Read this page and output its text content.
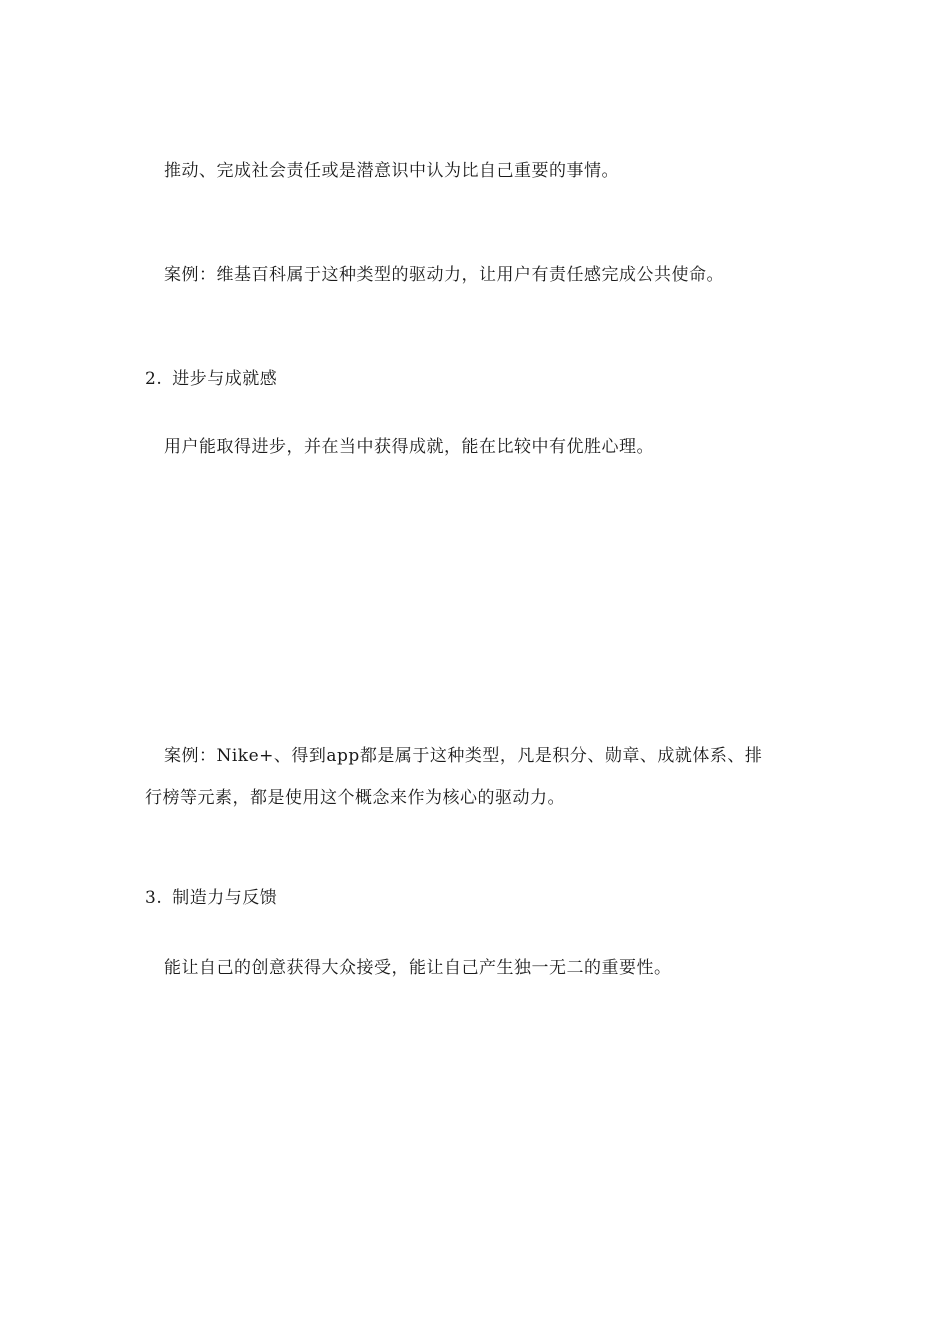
推动、完成社会责任或是潜意识中认为比自己重要的事情。
案例：维基百科属于这种类型的驱动力，让用户有责任感完成公共使命。
2. 进步与成就感
用户能取得进步，并在当中获得成就，能在比较中有优胜心理。
案例：Nike+、得到app都是属于这种类型，凡是积分、勋章、成就体系、排
行榜等元素，都是使用这个概念来作为核心的驱动力。
3. 制造力与反馈
能让自己的创意获得大众接受，能让自己产生独一无二的重要性。
